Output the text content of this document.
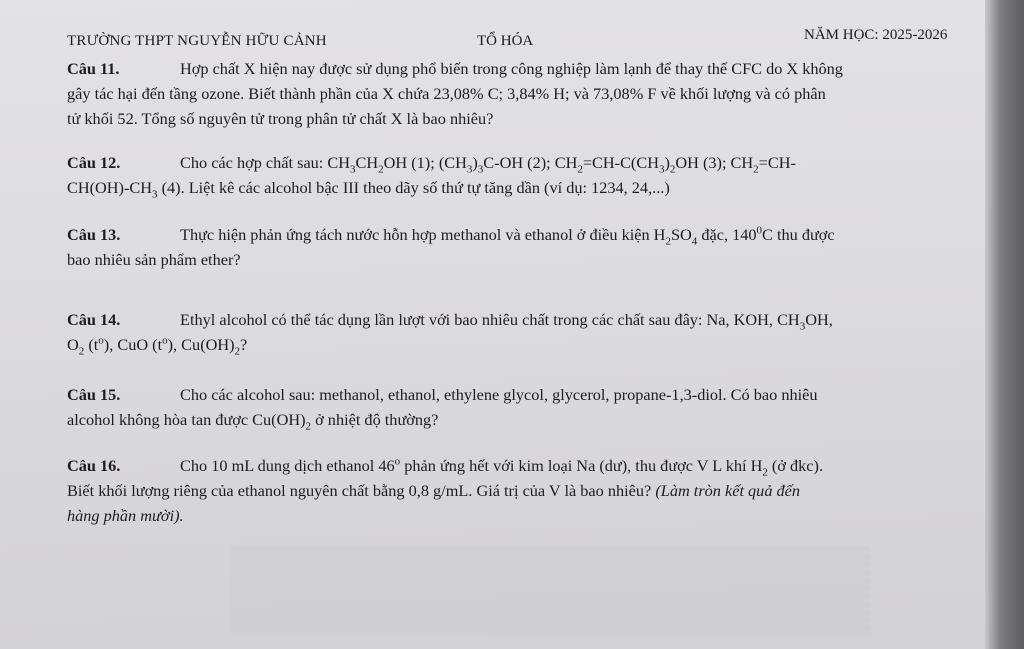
TRƯỜNG THPT NGUYỄN HỮU CẢNH	TỔ HÓA	NĂM HỌC: 2025-2026

Câu 11.	Hợp chất X hiện nay được sử dụng phổ biến trong công nghiệp làm lạnh để thay thế CFC do X không

gây tác hại đến tầng ozone. Biết thành phần của X chứa 23,08% C; 3,84% H; và 73,08% F về khối lượng và có phân

tử khối 52. Tổng số nguyên tử trong phân tử chất X là bao nhiêu?

Câu 12.	Cho các hợp chất sau: $CH_3CH_2OH$ (1); $(CH_3)_3C-OH$ (2); $CH_2=CH-C(CH_3)_2OH$ (3); $CH_2=CH-$

$CH(OH)-CH_3$ (4). Liệt kê các alcohol bậc III theo dãy số thứ tự tăng dần (ví dụ: 1234, 24,...)

Câu 13.	Thực hiện phản ứng tách nước hỗn hợp methanol và ethanol ở điều kiện $H_2SO_4$ đặc, $140^0C$ thu được

bao nhiêu sản phẩm ether?

Câu 14.	Ethyl alcohol có thể tác dụng lần lượt với bao nhiêu chất trong các chất sau đây: Na, KOH, $CH_3OH$,

$O_2$ $(t^o)$, CuO $(t^o)$, $Cu(OH)_2$?

Câu 15.	Cho các alcohol sau: methanol, ethanol, ethylene glycol, glycerol, propane-1,3-diol. Có bao nhiêu

alcohol không hòa tan được $Cu(OH)_2$ ở nhiệt độ thường?

Câu 16.	Cho 10 mL dung dịch ethanol 46$^o$ phản ứng hết với kim loại Na (dư), thu được V L khí $H_2$ (ở đkc).

Biết khối lượng riêng của ethanol nguyên chất bằng 0,8 g/mL. Giá trị của V là bao nhiêu? (Làm tròn kết quả đến

hàng phần mười).
